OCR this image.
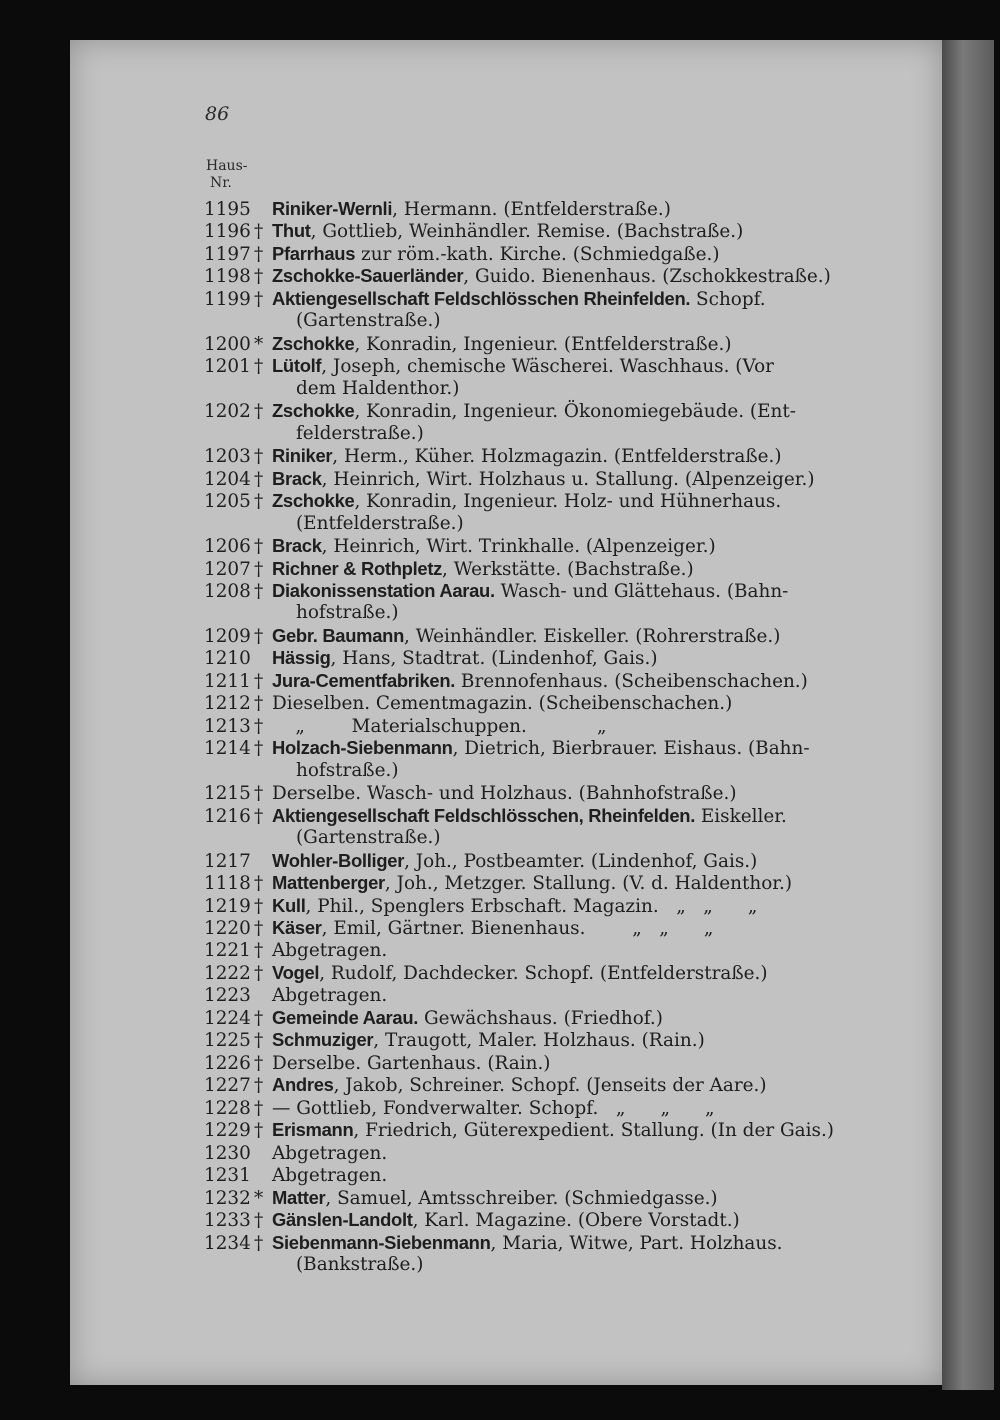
86
Haus-
Nr.
1195 Riniker-Wernli, Hermann. (Entfelderstraße.)
1196 † Thut, Gottlieb, Weinhändler. Remise. (Bachstraße.)
1197 † Pfarrhaus zur röm.-kath. Kirche. (Schmiedgaße.)
1198 † Zschokke-Sauerländer, Guido. Bienenhaus. (Zschokkestraße.)
1199 † Aktiengesellschaft Feldschlösschen Rheinfelden. Schopf.
(Gartenstraße.)
1200 * Zschokke, Konradin, Ingenieur. (Entfelderstraße.)
1201 † Lütolf, Joseph, chemische Wäscherei. Waschhaus. (Vor
dem Haldenthor.)
1202 † Zschokke, Konradin, Ingenieur. Ökonomiegebäude. (Ent-
felderstraße.)
1203 † Riniker, Herm., Küher. Holzmagazin. (Entfelderstraße.)
1204 † Brack, Heinrich, Wirt. Holzhaus u. Stallung. (Alpenzeiger.)
1205 † Zschokke, Konradin, Ingenieur. Holz- und Hühnerhaus.
(Entfelderstraße.)
1206 † Brack, Heinrich, Wirt. Trinkhalle. (Alpenzeiger.)
1207 † Richner & Rothpletz, Werkstätte. (Bachstraße.)
1208 † Diakonissenstation Aarau. Wasch- und Glättehaus. (Bahn-
hofstraße.)
1209 † Gebr. Baumann, Weinhändler. Eiskeller. (Rohrerstraße.)
1210 Hässig, Hans, Stadtrat. (Lindenhof, Gais.)
1211 † Jura-Cementfabriken. Brennofenhaus. (Scheibenschachen.)
1212 † Dieselben. Cementmagazin. (Scheibenschachen.)
1213 †    „        Materialschuppen.            „
1214 † Holzach-Siebenmann, Dietrich, Bierbrauer. Eishaus. (Bahn-
hofstraße.)
1215 † Derselbe. Wasch- und Holzhaus. (Bahnhofstraße.)
1216 † Aktiengesellschaft Feldschlösschen, Rheinfelden. Eiskeller.
(Gartenstraße.)
1217 Wohler-Bolliger, Joh., Postbeamter. (Lindenhof, Gais.)
1118 † Mattenberger, Joh., Metzger. Stallung. (V. d. Haldenthor.)
1219 † Kull, Phil., Spenglers Erbschaft. Magazin.   „   „      „
1220 † Käser, Emil, Gärtner. Bienenhaus.        „   „      „
1221 † Abgetragen.
1222 † Vogel, Rudolf, Dachdecker. Schopf. (Entfelderstraße.)
1223 Abgetragen.
1224 † Gemeinde Aarau. Gewächshaus. (Friedhof.)
1225 † Schmuziger, Traugott, Maler. Holzhaus. (Rain.)
1226 † Derselbe. Gartenhaus. (Rain.)
1227 † Andres, Jakob, Schreiner. Schopf. (Jenseits der Aare.)
1228 † — Gottlieb, Fondverwalter. Schopf.   „      „      „
1229 † Erismann, Friedrich, Güterexpedient. Stallung. (In der Gais.)
1230 Abgetragen.
1231 Abgetragen.
1232 * Matter, Samuel, Amtsschreiber. (Schmiedgasse.)
1233 † Gänslen-Landolt, Karl. Magazine. (Obere Vorstadt.)
1234 † Siebenmann-Siebenmann, Maria, Witwe, Part. Holzhaus.
(Bankstraße.)
